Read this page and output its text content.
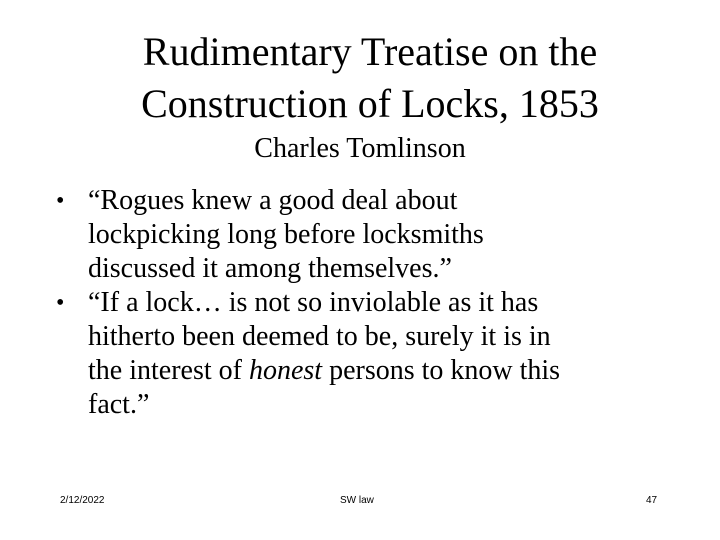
Rudimentary Treatise on the
Construction of Locks, 1853
Charles Tomlinson
• “Rogues knew a good deal about
lockpicking long before locksmiths
discussed it among themselves.”
• “If a lock… is not so inviolable as it has
hitherto been deemed to be, surely it is in
the interest of honest persons to know this
fact.”
2/12/2022	SW law	47
